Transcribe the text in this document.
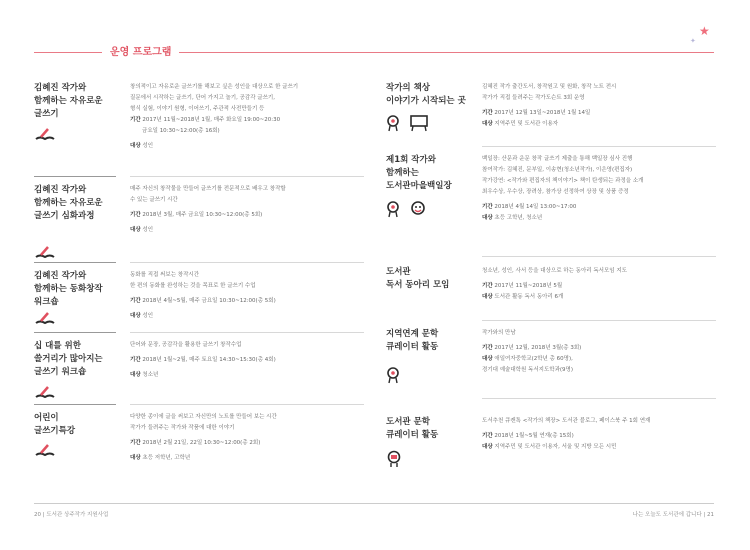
★
✦
운영 프로그램
김혜진 작가와
함께하는 자유로운
글쓰기
창의적이고 자유로운 글쓰기를 해보고 싶은 성인을 대상으로 한 글쓰기
질문에서 시작하는 글쓰기, 단어 가지고 놀기, 공감각 글쓰기,
형식 실험, 이야기 원형, 이어쓰기, 주관적 사전만들기 등
기간 2017년 11월~2018년 1월, 매주 화요일 19:00~20:30
금요일 10:30~12:00(총 16회)
대상 성인
김혜진 작가와
함께하는 자유로운
글쓰기 심화과정
매주 자신의 창작물을 만들어 글쓰기를 전문적으로 배우고 창작할
수 있는 글쓰기 시간
기간 2018년 3월, 매주 금요일 10:30~12:00(총 5회)
대상 성인
김혜진 작가와
함께하는 동화창작
워크숍
동화를 직접 써보는 창작시간
한 편의 동화를 완성하는 것을 목표로 한 글쓰기 수업
기간 2018년 4월~5월, 매주 금요일 10:30~12:00(총 5회)
대상 성인
십 대를 위한
쓸거리가 많아지는
글쓰기 워크숍
단어와 문장, 공감각을 활용한 글쓰기 창작수업
기간 2018년 1월~2월, 매주 토요일 14:30~15:30(총 4회)
대상 청소년
어린이
글쓰기특강
다양한 종이에 글을 써보고 자신만의 노트를 만들어 보는 시간
작가가 들려주는 작가와 작품에 대한 이야기
기간 2018년 2월 21일, 22일 10:30~12:00(총 2회)
대상 초등 저학년, 고학년
작가의 책상
이야기가 시작되는 곳
김혜진 작가 출간도서, 창작원고 및 원화, 창작 노트 전시
작가가 직접 들려주는 작가도슨트 3회 운영
기간 2017년 12월 13일~2018년 1월 14일
대상 지역주민 및 도서관 이용자
제1회 작가와
함께하는
도서관마을백일장
백일장: 산문과 운문 창작 글쓰기 제출을 통해 백일장 심사 진행
참여작가: 김혜진, 문부일, 이송현(청소년작가), 이은영(편집자)
작가강연: <작가와 편집자의 책이야기> 책이 탄생되는 과정을 소개
최우수상, 우수상, 장려상, 참가상 선정하여 상장 및 상품 증정
기간 2018년 4월 14일 13:00~17:00
대상 초등 고학년, 청소년
도서관
독서 동아리 모임
청소년, 성인, 사서 등을 대상으로 하는 동아리 독서모임 지도
기간 2017년 11월~2018년 5월
대상 도서관 활동 독서 동아리 6개
지역연계 문학
큐레이터 활동
작가와의 만남
기간 2017년 12월, 2018년 3월(총 3회)
대상 애일여자중학교(2학년 총 60명),
경기대 예술대학원 독서지도학과(9명)
도서관 문학
큐레이터 활동
도서추천 큐캔톡 <작가의 책장> 도서관 블로그, 페이스북 주 1회 연재
기간 2018년 1월~5월 연재(총 15회)
대상 지역주민 및 도서관 이용자, 서울 및 지방 모든 시민
20 | 도서관 상주작가 지원사업	나는 오늘도 도서관에 갑니다 | 21
